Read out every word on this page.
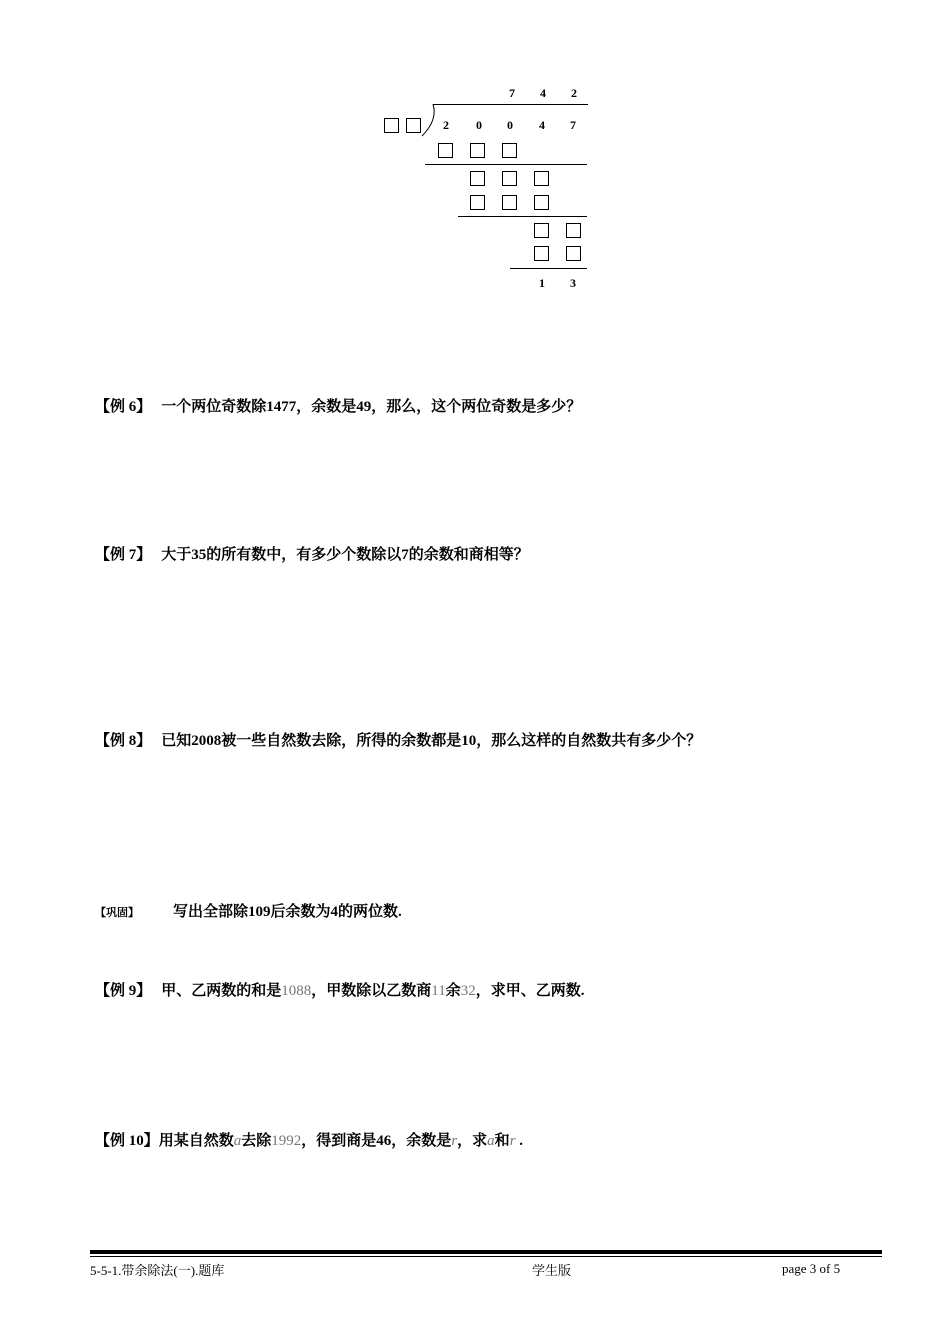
7 4 2
2 0 0 4 7
1 3
【例 6】 一个两位奇数除1477，余数是49，那么，这个两位奇数是多少？
【例 7】 大于35的所有数中，有多少个数除以7的余数和商相等？
【例 8】 已知2008被一些自然数去除，所得的余数都是10，那么这样的自然数共有多少个？
【巩固】 写出全部除109后余数为4的两位数.
【例 9】 甲、乙两数的和是1088，甲数除以乙数商11余32，求甲、乙两数.
【例 10】用某自然数a去除1992，得到商是46，余数是r，求a和r .
5-5-1.带余除法(一).题库	学生版	page 3 of 5
